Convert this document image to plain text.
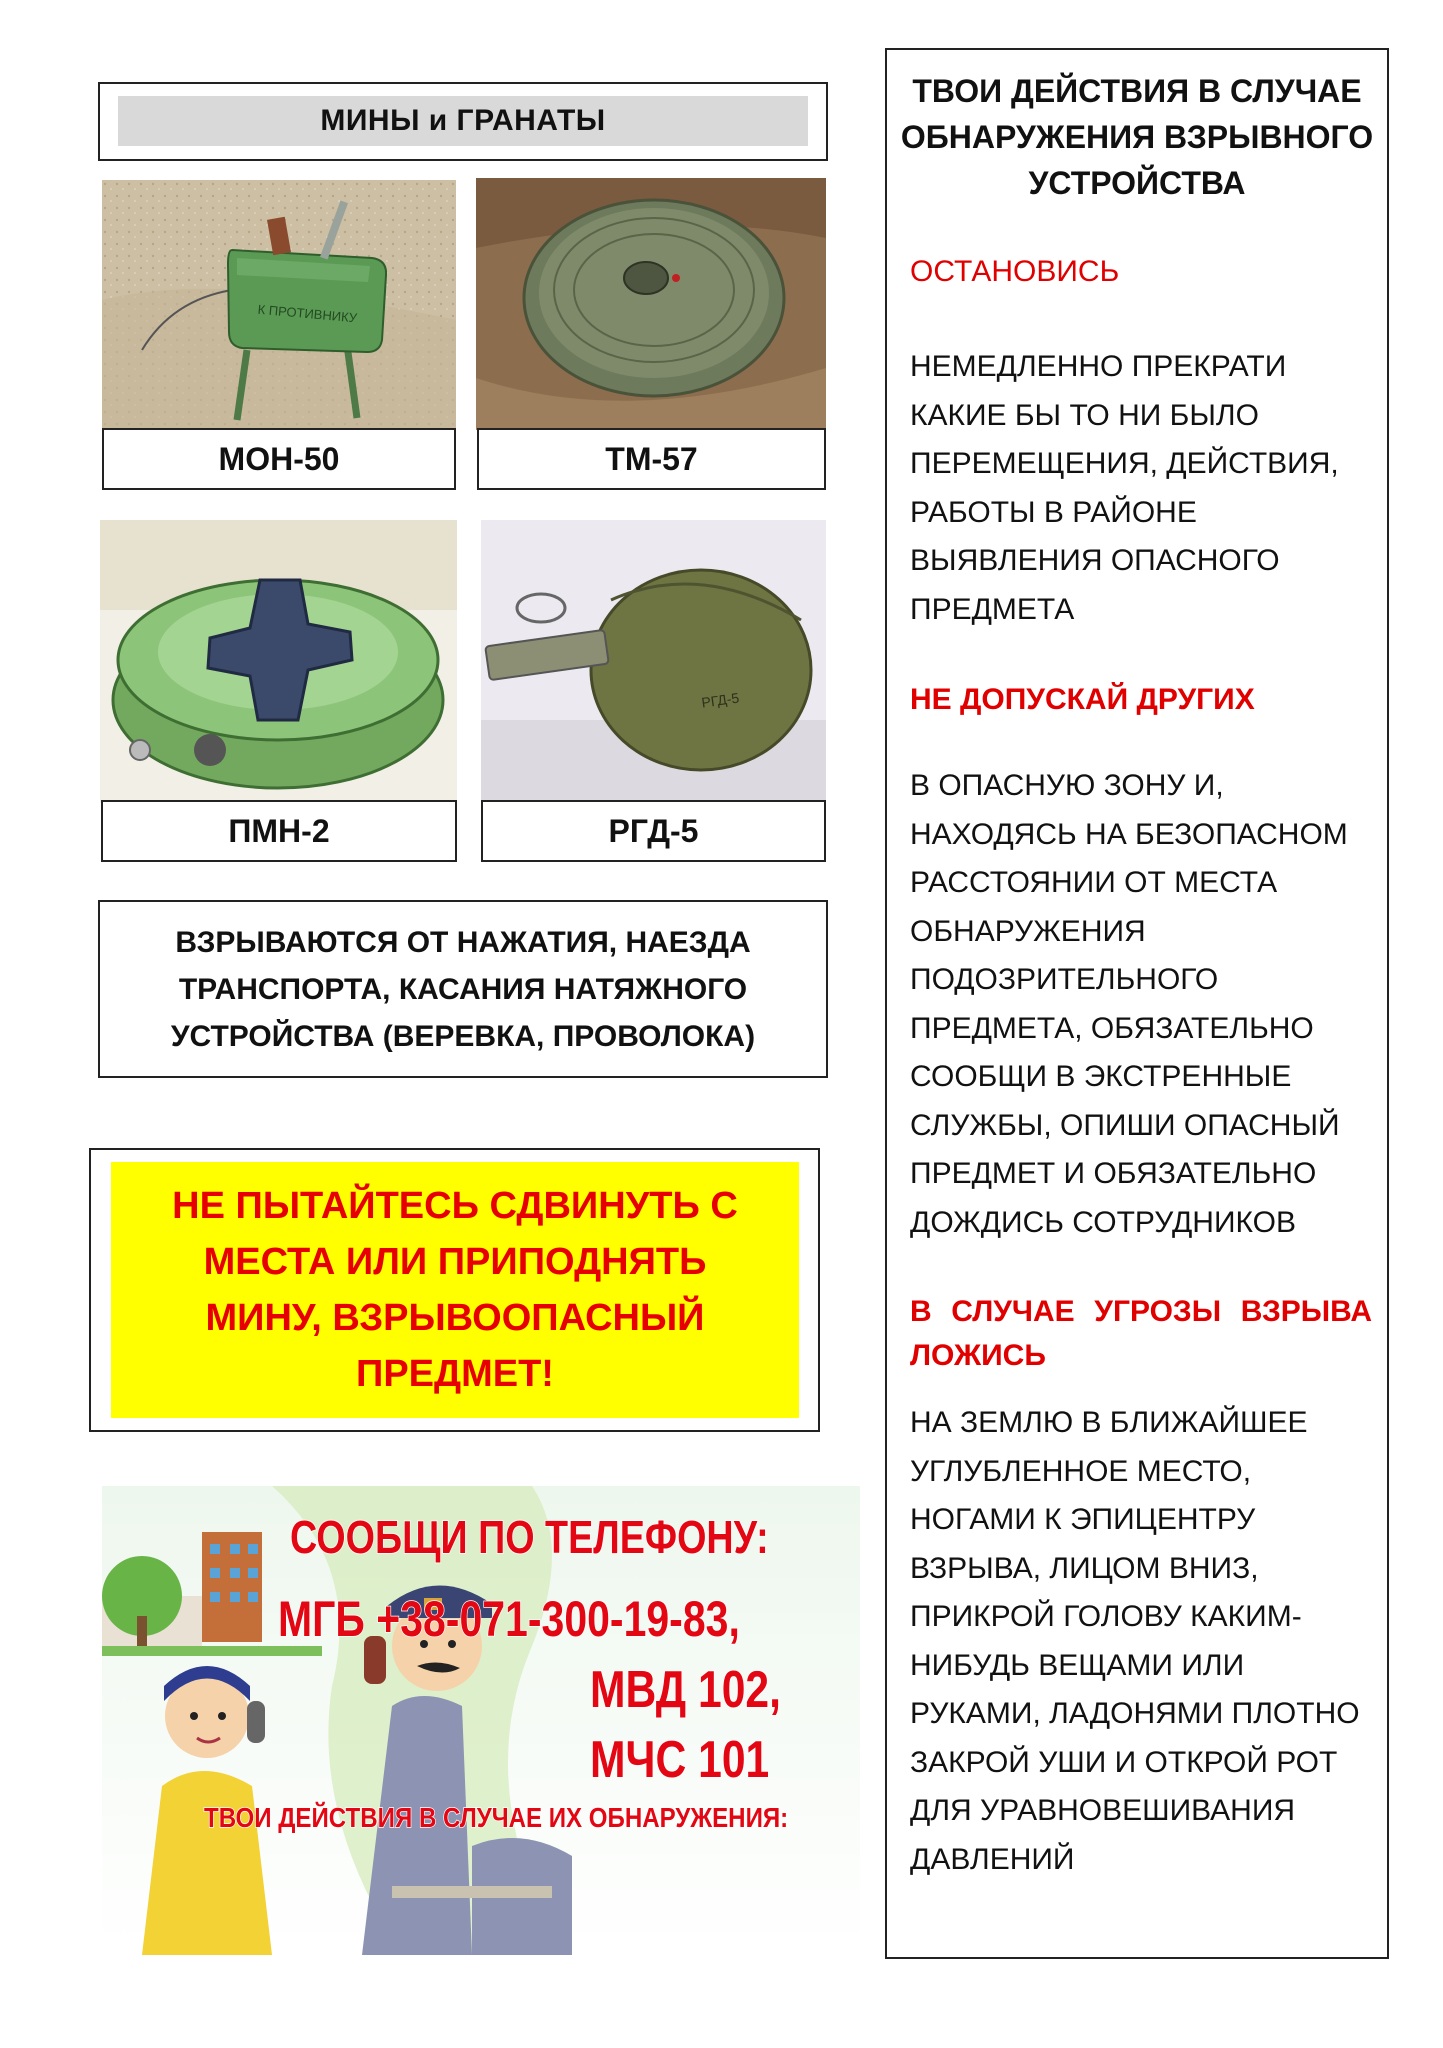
МИНЫ и ГРАНАТЫ
К ПРОТИВНИКУ
МОН-50	ТМ-57
ПМН-2
РГД-5
РГД-5
ВЗРЫВАЮТСЯ ОТ НАЖАТИЯ, НАЕЗДА ТРАНСПОРТА, КАСАНИЯ НАТЯЖНОГО УСТРОЙСТВА (ВЕРЕВКА, ПРОВОЛОКА)
НЕ ПЫТАЙТЕСЬ СДВИНУТЬ С МЕСТА ИЛИ ПРИПОДНЯТЬ МИНУ, ВЗРЫВООПАСНЫЙ ПРЕДМЕТ!
СООБЩИ ПО ТЕЛЕФОНУ:
МГБ +38-071-300-19-83,
МВД 102,
МЧС 101
ТВОИ ДЕЙСТВИЯ В СЛУЧАЕ ИХ ОБНАРУЖЕНИЯ:
ТВОИ ДЕЙСТВИЯ В СЛУЧАЕ ОБНАРУЖЕНИЯ ВЗРЫВНОГО УСТРОЙСТВА
ОСТАНОВИСЬ
НЕМЕДЛЕННО ПРЕКРАТИ КАКИЕ БЫ ТО НИ БЫЛО ПЕРЕМЕЩЕНИЯ, ДЕЙСТВИЯ, РАБОТЫ В РАЙОНЕ ВЫЯВЛЕНИЯ ОПАСНОГО ПРЕДМЕТА
НЕ ДОПУСКАЙ ДРУГИХ
В ОПАСНУЮ ЗОНУ И, НАХОДЯСЬ НА БЕЗОПАСНОМ РАССТОЯНИИ ОТ МЕСТА ОБНАРУЖЕНИЯ ПОДОЗРИТЕЛЬНОГО ПРЕДМЕТА, ОБЯЗАТЕЛЬНО СООБЩИ В ЭКСТРЕННЫЕ СЛУЖБЫ, ОПИШИ ОПАСНЫЙ ПРЕДМЕТ И ОБЯЗАТЕЛЬНО ДОЖДИСЬ СОТРУДНИКОВ
В СЛУЧАЕ УГРОЗЫ ВЗРЫВА ЛОЖИСЬ
НА ЗЕМЛЮ В БЛИЖАЙШЕЕ УГЛУБЛЕННОЕ МЕСТО, НОГАМИ К ЭПИЦЕНТРУ ВЗРЫВА, ЛИЦОМ ВНИЗ, ПРИКРОЙ ГОЛОВУ КАКИМ-НИБУДЬ ВЕЩАМИ ИЛИ РУКАМИ, ЛАДОНЯМИ ПЛОТНО ЗАКРОЙ УШИ И ОТКРОЙ РОТ ДЛЯ УРАВНОВЕШИВАНИЯ ДАВЛЕНИЙ
